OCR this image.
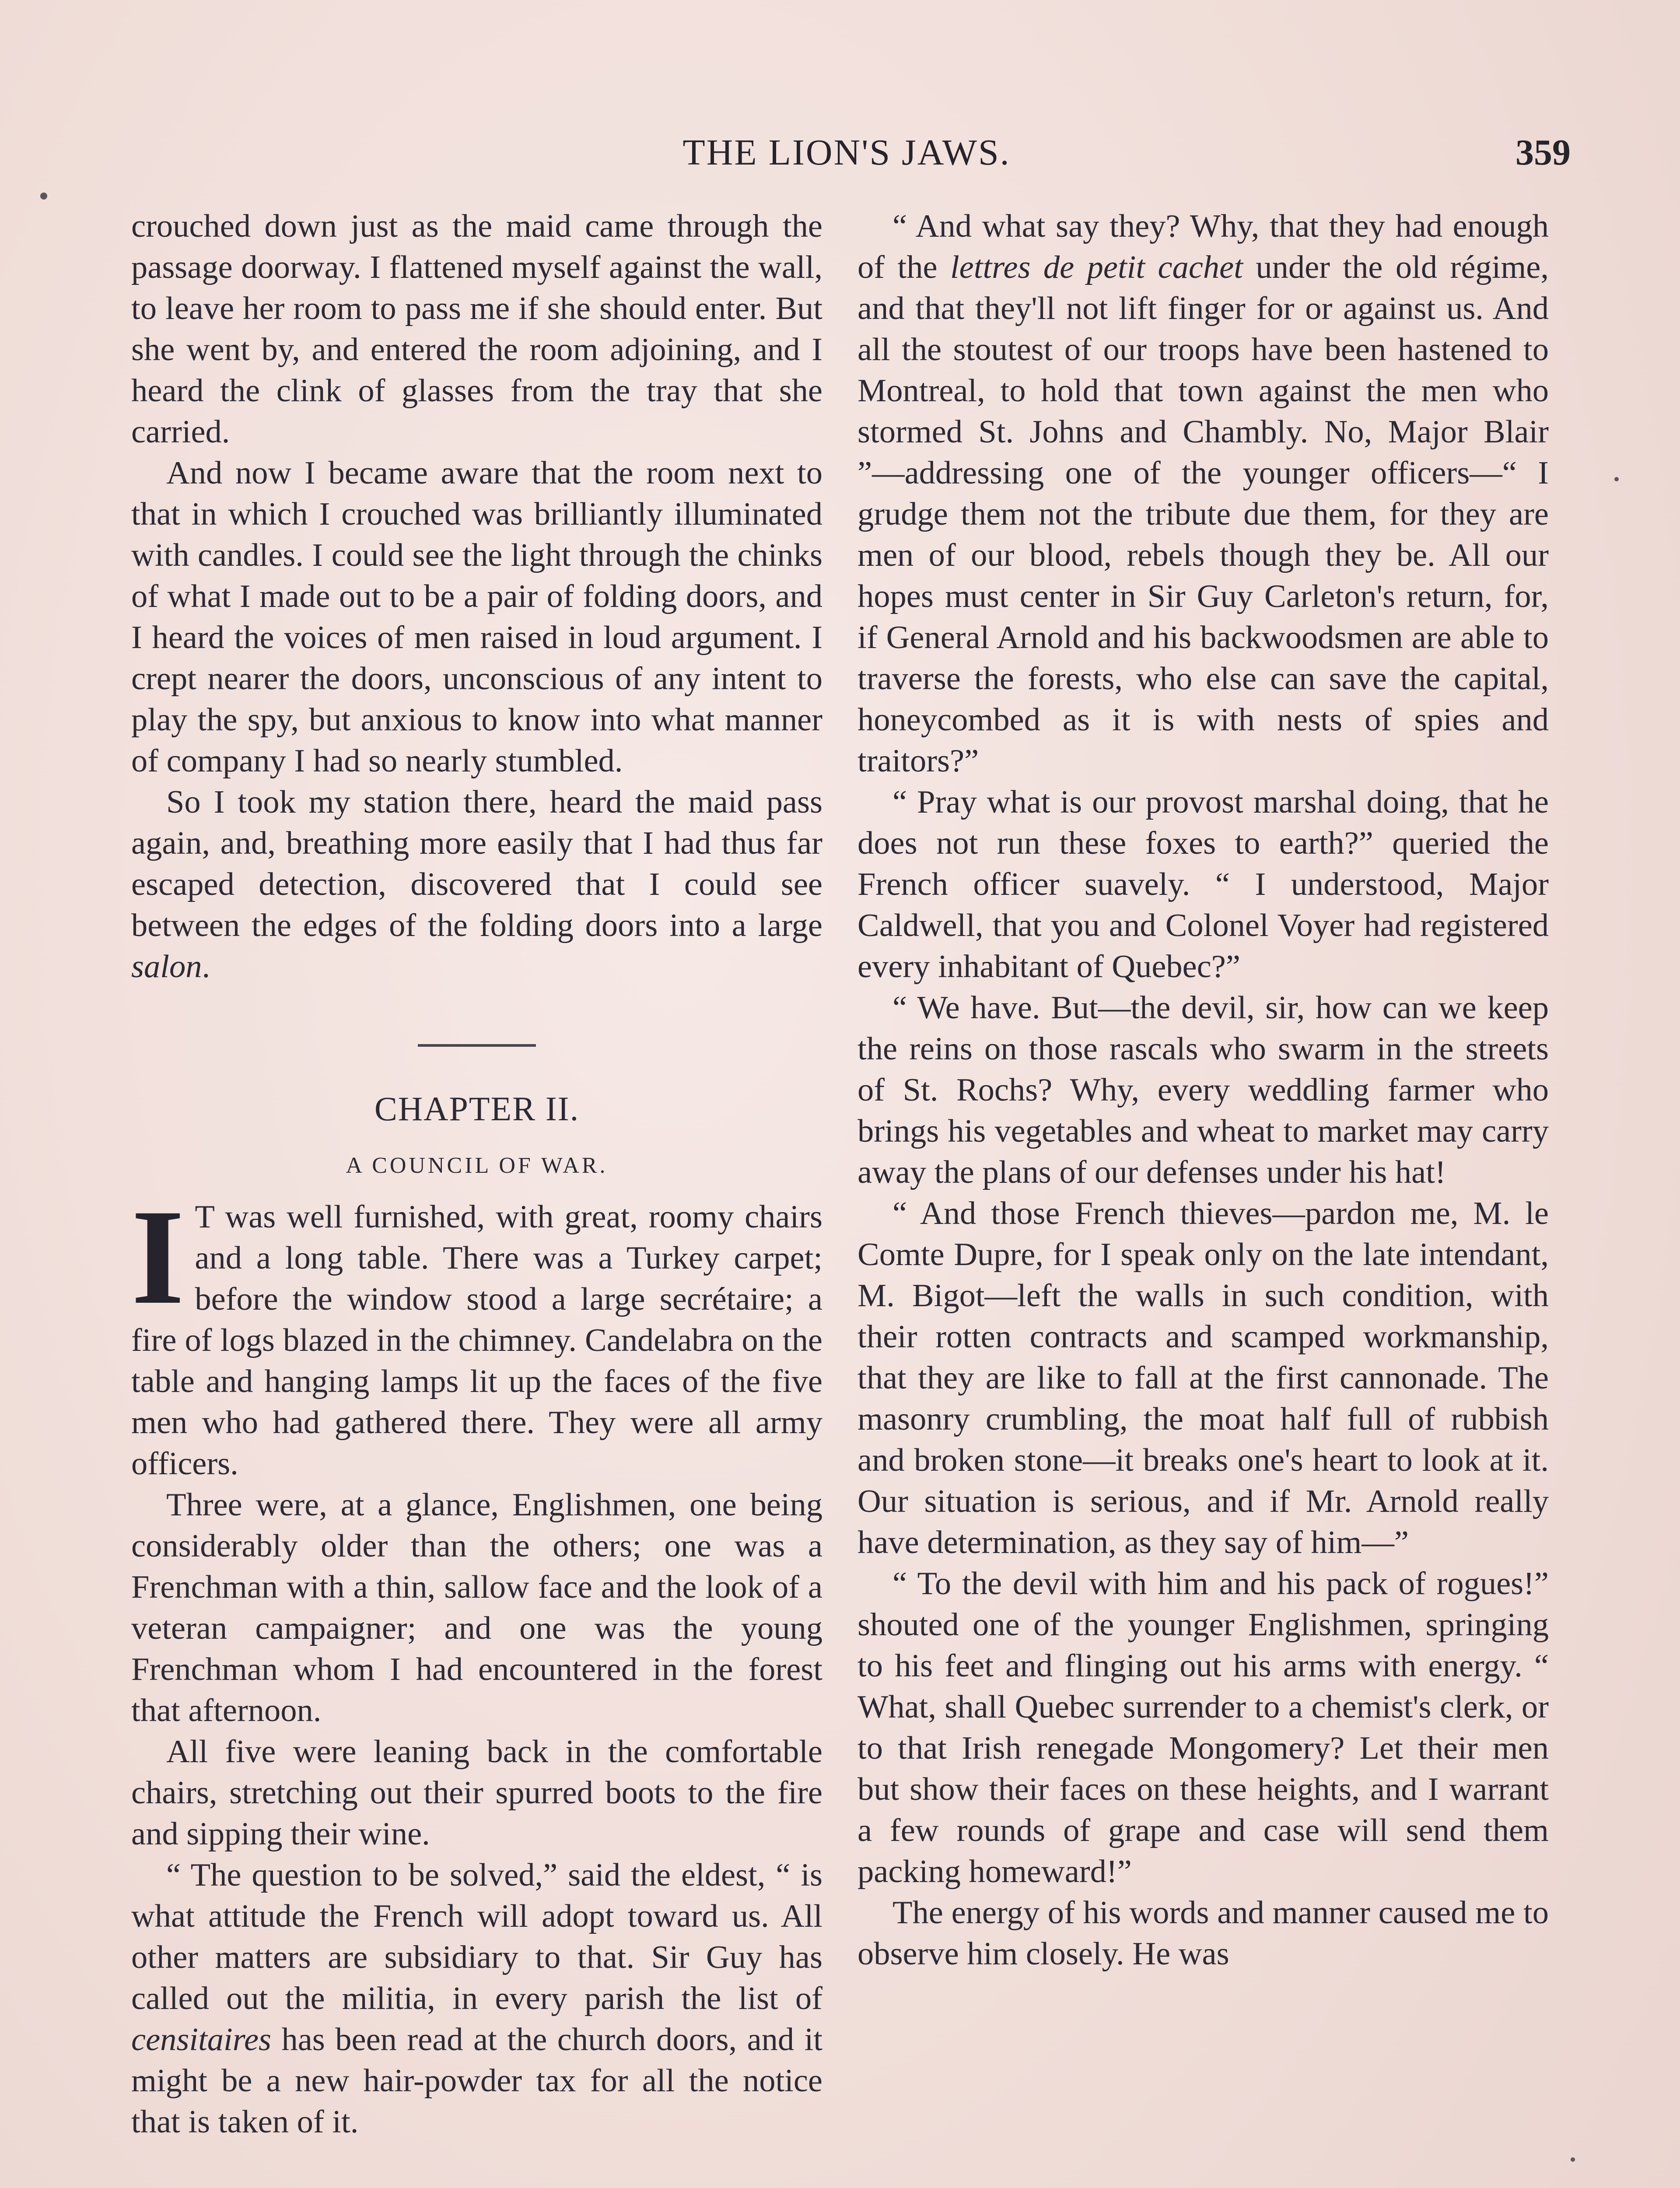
THE LION'S JAWS.	359

crouched down just as the maid came through the passage doorway. I flattened myself against the wall, to leave her room to pass me if she should enter. But she went by, and entered the room adjoining, and I heard the clink of glasses from the tray that she carried.

And now I became aware that the room next to that in which I crouched was brilliantly illuminated with candles. I could see the light through the chinks of what I made out to be a pair of folding doors, and I heard the voices of men raised in loud argument. I crept nearer the doors, unconscious of any intent to play the spy, but anxious to know into what manner of company I had so nearly stumbled.

So I took my station there, heard the maid pass again, and, breathing more easily that I had thus far escaped detection, discovered that I could see between the edges of the folding doors into a large salon.

CHAPTER II.
A COUNCIL OF WAR.

I T was well furnished, with great, roomy chairs and a long table. There was a Turkey carpet; before the window stood a large secrétaire; a fire of logs blazed in the chimney. Candelabra on the table and hanging lamps lit up the faces of the five men who had gathered there. They were all army officers.

Three were, at a glance, Englishmen, one being considerably older than the others; one was a Frenchman with a thin, sallow face and the look of a veteran campaigner; and one was the young Frenchman whom I had encountered in the forest that afternoon.

All five were leaning back in the comfortable chairs, stretching out their spurred boots to the fire and sipping their wine.

“ The question to be solved,” said the eldest, “ is what attitude the French will adopt toward us. All other matters are subsidiary to that. Sir Guy has called out the militia, in every parish the list of censitaires has been read at the church doors, and it might be a new hair-powder tax for all the notice that is taken of it.

“ And what say they? Why, that they had enough of the lettres de petit cachet under the old régime, and that they'll not lift finger for or against us. And all the stoutest of our troops have been hastened to Montreal, to hold that town against the men who stormed St. Johns and Chambly. No, Major Blair ”—addressing one of the younger officers—“ I grudge them not the tribute due them, for they are men of our blood, rebels though they be. All our hopes must center in Sir Guy Carleton's return, for, if General Arnold and his backwoodsmen are able to traverse the forests, who else can save the capital, honeycombed as it is with nests of spies and traitors?”

“ Pray what is our provost marshal doing, that he does not run these foxes to earth?” queried the French officer suavely. “ I understood, Major Caldwell, that you and Colonel Voyer had registered every inhabitant of Quebec?”

“ We have. But—the devil, sir, how can we keep the reins on those rascals who swarm in the streets of St. Rochs? Why, every weddling farmer who brings his vegetables and wheat to market may carry away the plans of our defenses under his hat!

“ And those French thieves—pardon me, M. le Comte Dupre, for I speak only on the late intendant, M. Bigot—left the walls in such condition, with their rotten contracts and scamped workmanship, that they are like to fall at the first cannonade. The masonry crumbling, the moat half full of rubbish and broken stone—it breaks one's heart to look at it. Our situation is serious, and if Mr. Arnold really have determination, as they say of him—”

“ To the devil with him and his pack of rogues!” shouted one of the younger Englishmen, springing to his feet and flinging out his arms with energy. “ What, shall Quebec surrender to a chemist's clerk, or to that Irish renegade Mongomery? Let their men but show their faces on these heights, and I warrant a few rounds of grape and case will send them packing homeward!”

The energy of his words and manner caused me to observe him closely. He was
